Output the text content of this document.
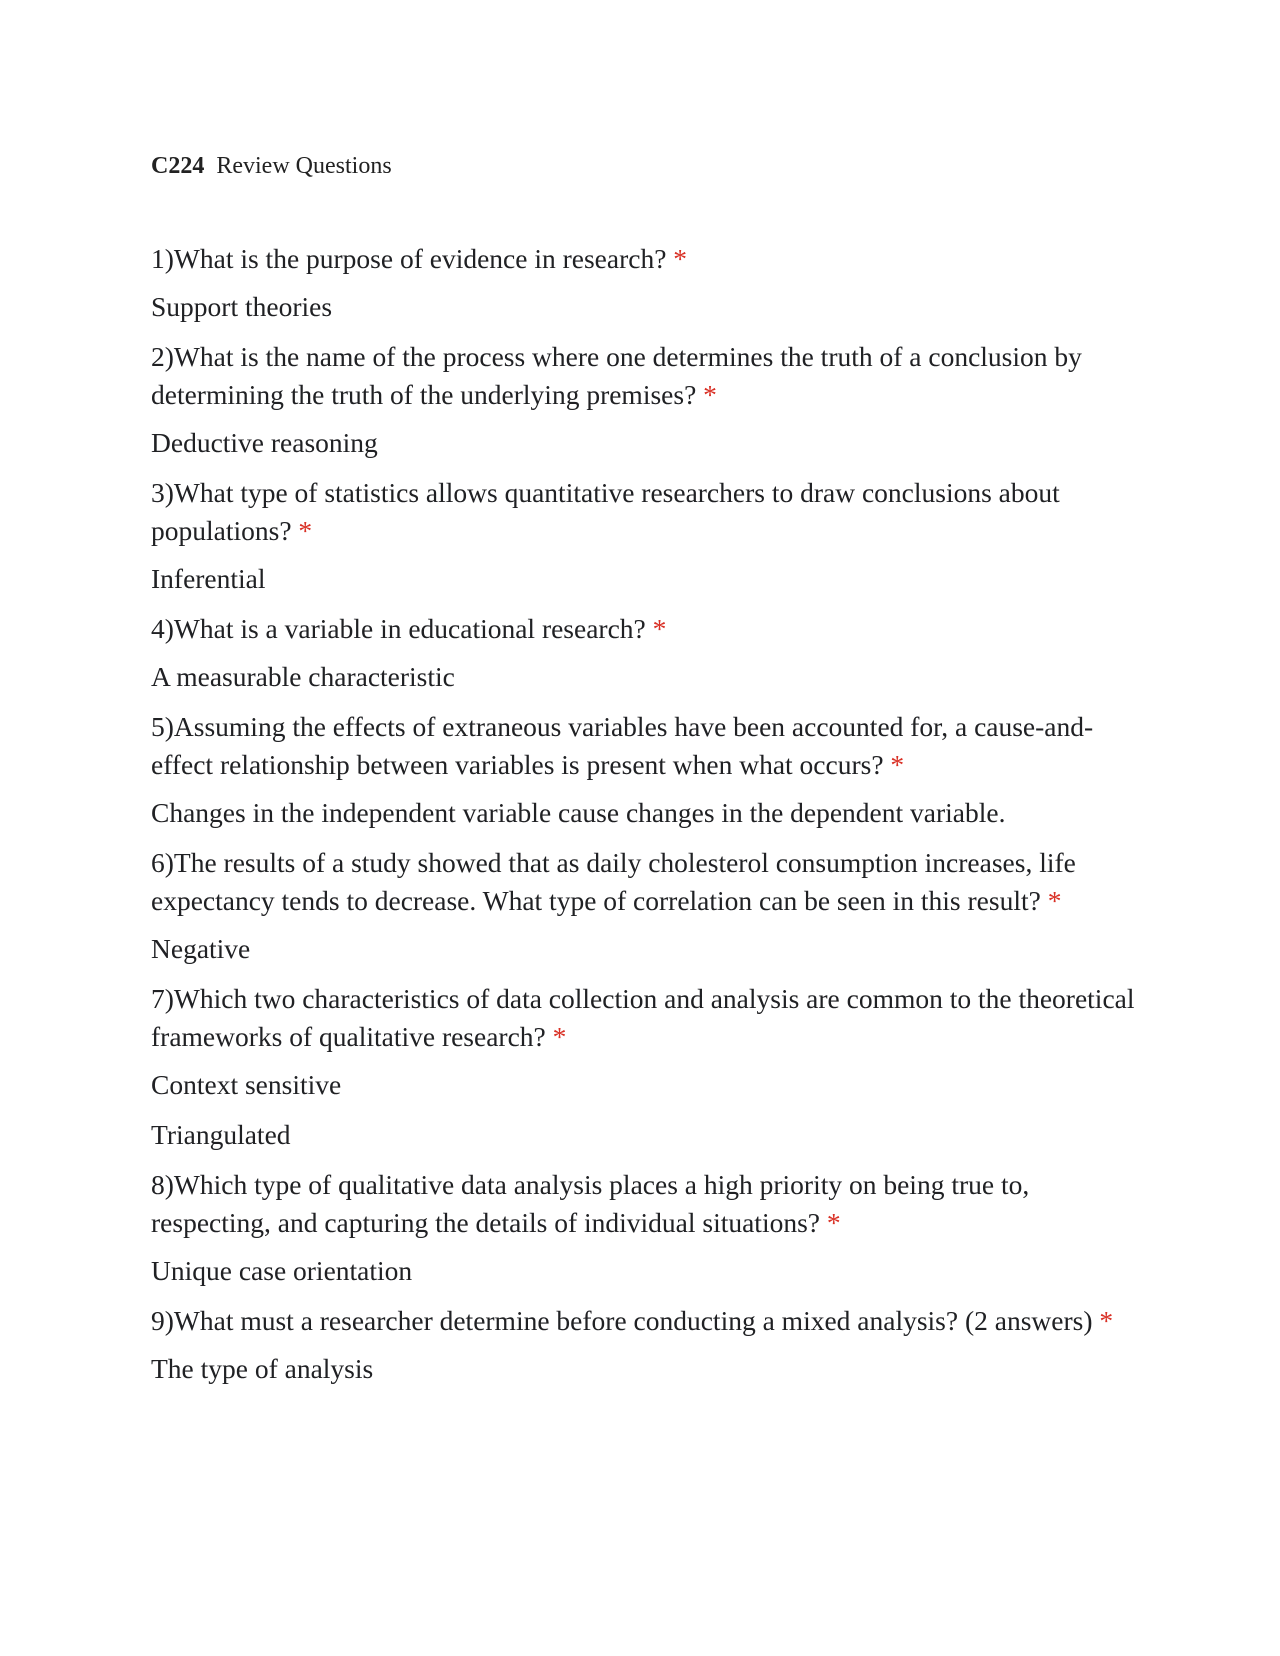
C224 Review Questions

1)What is the purpose of evidence in research? *

Support theories

2)What is the name of the process where one determines the truth of a conclusion by determining the truth of the underlying premises? *

Deductive reasoning

3)What type of statistics allows quantitative researchers to draw conclusions about populations? *

Inferential

4)What is a variable in educational research? *

A measurable characteristic

5)Assuming the effects of extraneous variables have been accounted for, a cause-and-effect relationship between variables is present when what occurs? *

Changes in the independent variable cause changes in the dependent variable.

6)The results of a study showed that as daily cholesterol consumption increases, life expectancy tends to decrease. What type of correlation can be seen in this result? *

Negative

7)Which two characteristics of data collection and analysis are common to the theoretical frameworks of qualitative research? *

Context sensitive

Triangulated

8)Which type of qualitative data analysis places a high priority on being true to, respecting, and capturing the details of individual situations? *

Unique case orientation

9)What must a researcher determine before conducting a mixed analysis? (2 answers) *

The type of analysis
